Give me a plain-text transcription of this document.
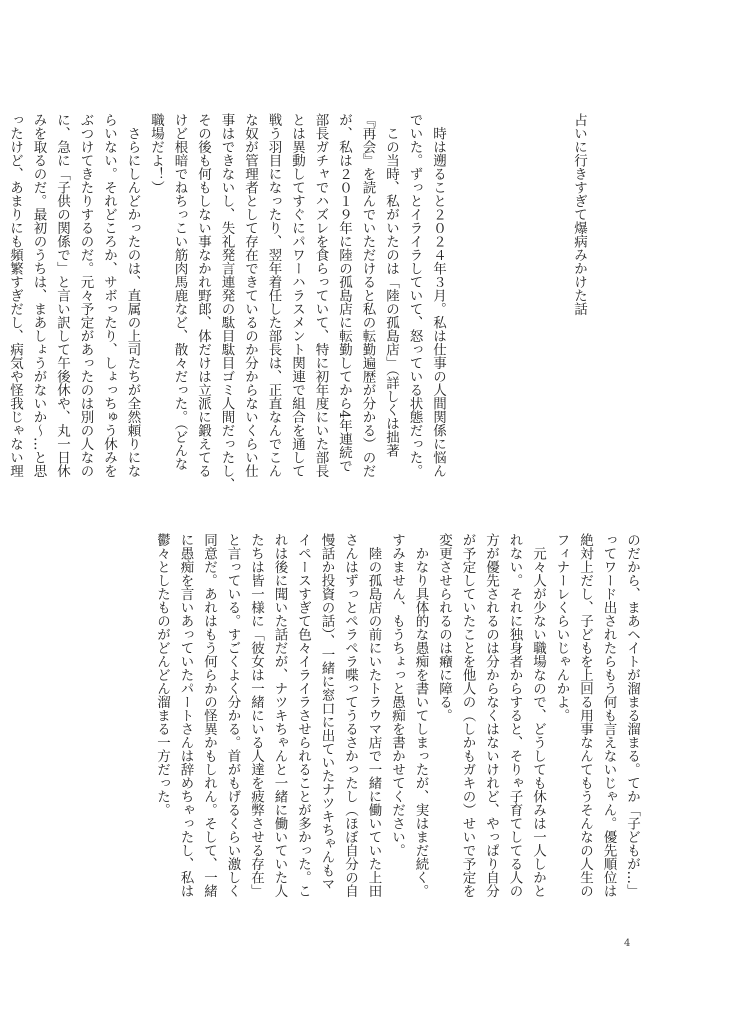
占いに行きすぎて爆病みかけた話

　時は遡ること２０２４年３月。私は仕事の人間関係に悩ん
でいた。ずっとイライラしていて、怒っている状態だった。
　この当時、私がいたのは「陸の孤島店」（詳しくは拙著
『再会』を読んでいただけると私の転勤遍歴が分かる）のだ
が、私は２０１９年に陸の孤島店に転勤してから4年連続で
部長ガチャでハズレを食らっていて、特に初年度にいた部長
とは異動してすぐにパワーハラスメント関連で組合を通して
戦う羽目になったり、翌年着任した部長は、正直なんでこん
な奴が管理者として存在できているのか分からないくらい仕
事はできないし、失礼発言連発の駄目駄目ゴミ人間だったし、
その後も何もしない事なかれ野郎、体だけは立派に鍛えてる
けど根暗でねちっこい筋肉馬鹿など、散々だった。（どんな
職場だよ！）
　さらにしんどかったのは、直属の上司たちが全然頼りにな
らいない。それどころか、サボったり、しょっちゅう休みを
ぶつけてきたりするのだ。元々予定があったのは別の人なの
に、急に「子供の関係で」と言い訳して午後休や、丸一日休
みを取るのだ。最初のうちは、まあしょうがないか〜…と思
ったけど、あまりにも頻繁すぎだし、病気や怪我じゃない理
のだから、まあヘイトが溜まる溜まる。てか「子どもが…」
ってワード出されたらもう何も言えないじゃん。優先順位は
絶対上だし、子どもを上回る用事なんてもうそんなの人生の
フィナーレくらいじゃんかよ。
　元々人が少ない職場なので、どうしても休みは一人しかと
れない。それに独身者からすると、そりゃ子育てしてる人の
方が優先されるのは分からなくはないけれど、やっぱり自分
が予定していたことを他人の（しかもガキの）せいで予定を
変更させられるのは癪に障る。
　かなり具体的な愚痴を書いてしまったが、実はまだ続く。
すみません、もうちょっと愚痴を書かせてください。
　陸の孤島店の前にいたトラウマ店で一緒に働いていた上田
さんはずっとペラペラ喋ってうるさかったし（ほぼ自分の自
慢話か投資の話）、一緒に窓口に出ていたナツキちゃんもマ
イペースすぎて色々イライラさせられることが多かった。こ
れは後に聞いた話だが、ナツキちゃんと一緒に働いていた人
たちは皆一様に「彼女は一緒にいる人達を疲弊させる存在」
と言っている。すごくよく分かる。首がもげるくらい激しく
同意だ。あれはもう何らかの怪異かもしれん。そして、一緒
に愚痴を言いあっていたパートさんは辞めちゃったし、私は
鬱々としたものがどんどん溜まる一方だった。
4
